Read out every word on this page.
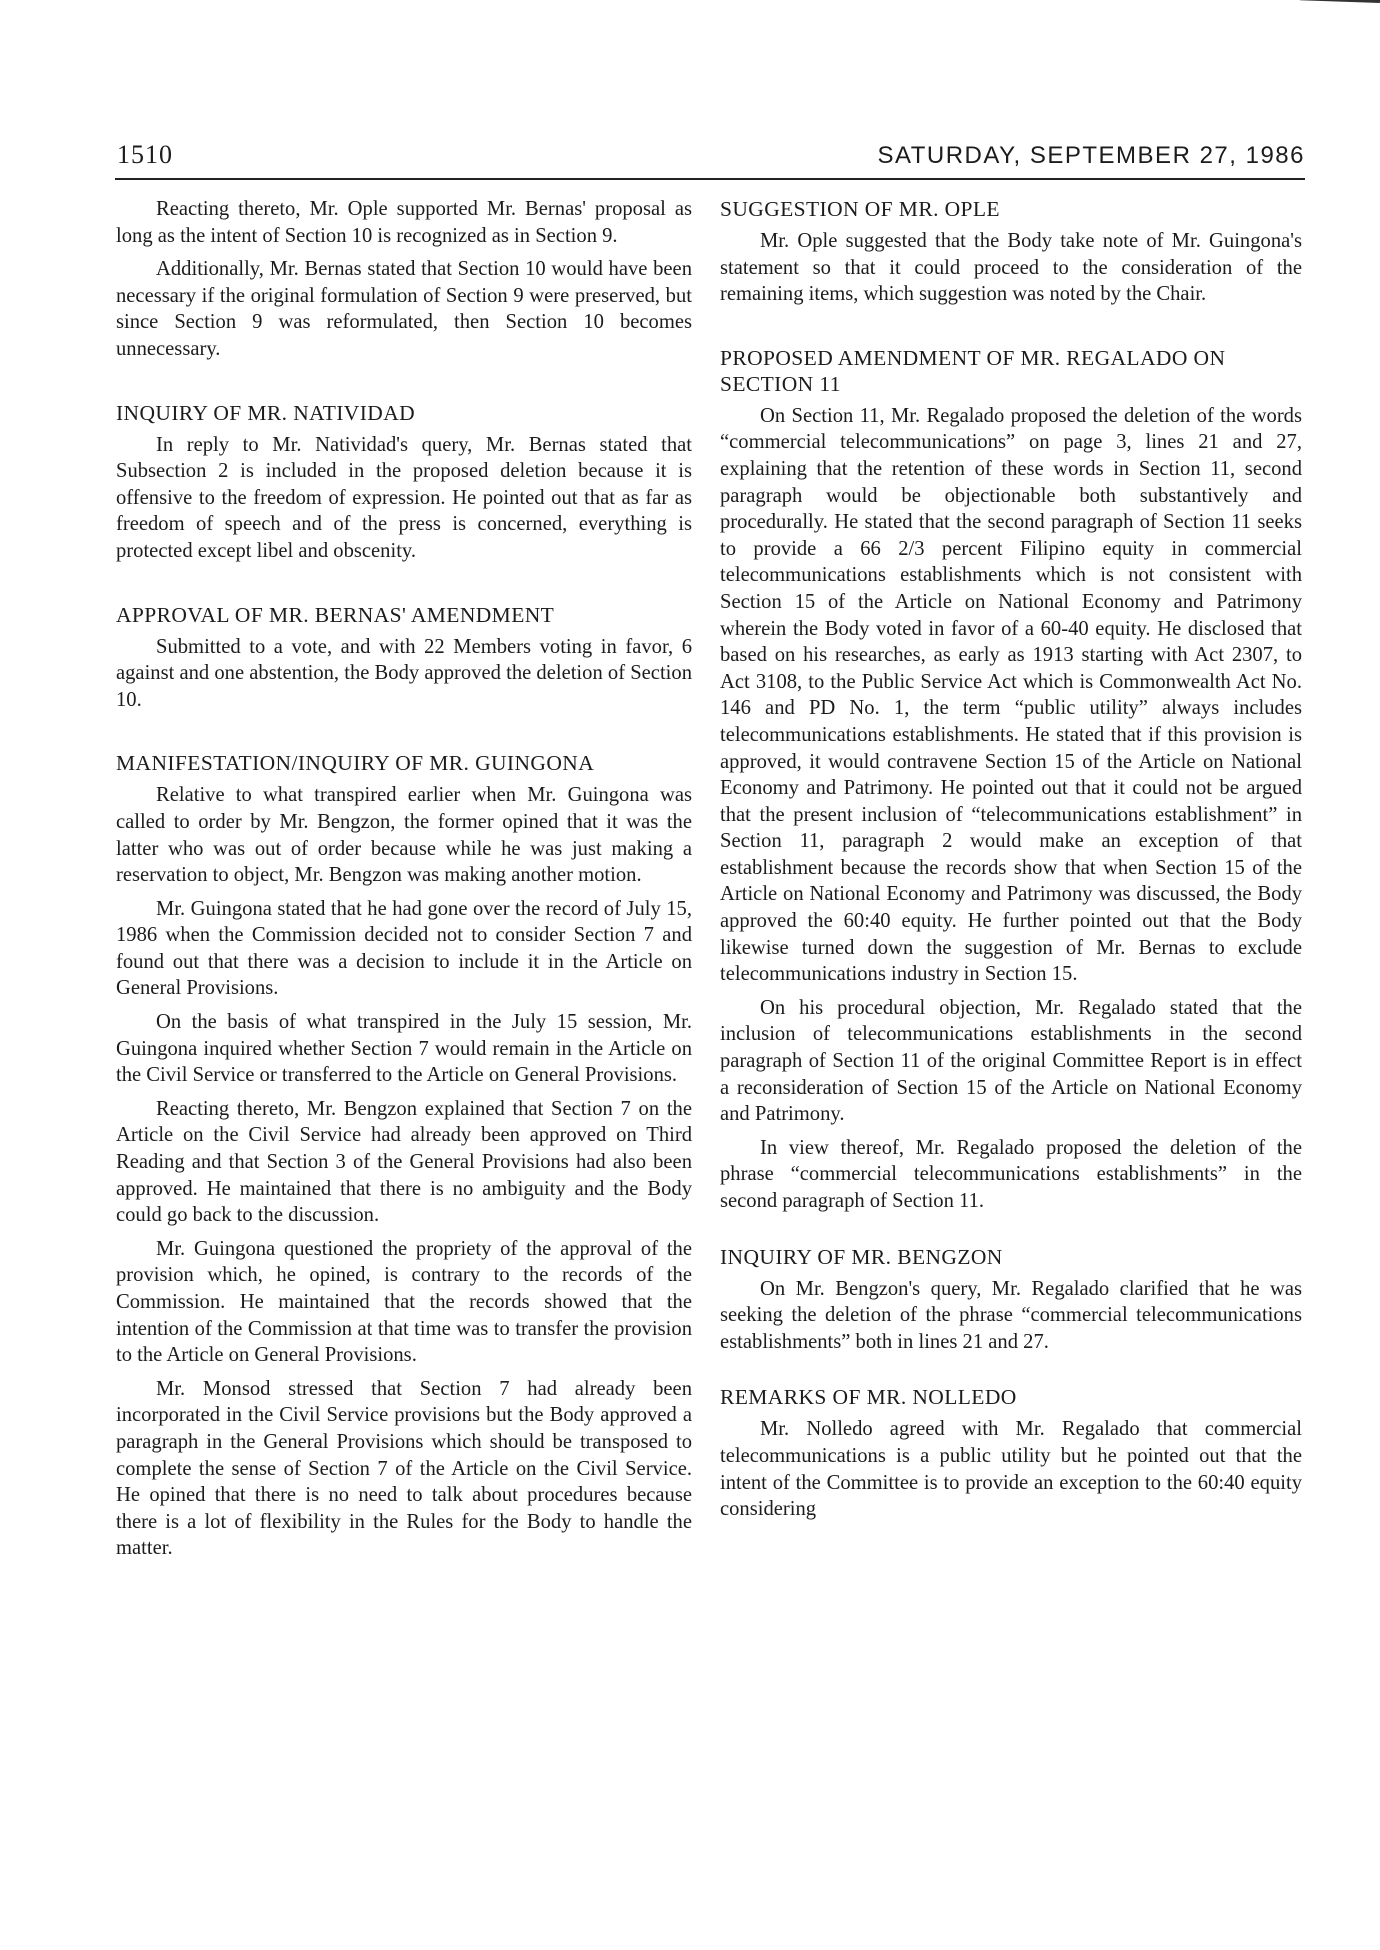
1510	SATURDAY, SEPTEMBER 27, 1986

Reacting thereto, Mr. Ople supported Mr. Bernas' proposal as long as the intent of Section 10 is recognized as in Section 9.

Additionally, Mr. Bernas stated that Section 10 would have been necessary if the original formulation of Section 9 were preserved, but since Section 9 was reformulated, then Section 10 becomes unnecessary.

INQUIRY OF MR. NATIVIDAD

In reply to Mr. Natividad's query, Mr. Bernas stated that Subsection 2 is included in the proposed deletion because it is offensive to the freedom of expression. He pointed out that as far as freedom of speech and of the press is concerned, everything is protected except libel and obscenity.

APPROVAL OF MR. BERNAS' AMENDMENT

Submitted to a vote, and with 22 Members voting in favor, 6 against and one abstention, the Body approved the deletion of Section 10.

MANIFESTATION/INQUIRY OF MR. GUINGONA

Relative to what transpired earlier when Mr. Guingona was called to order by Mr. Bengzon, the former opined that it was the latter who was out of order because while he was just making a reservation to object, Mr. Bengzon was making another motion.

Mr. Guingona stated that he had gone over the record of July 15, 1986 when the Commission decided not to consider Section 7 and found out that there was a decision to include it in the Article on General Provisions.

On the basis of what transpired in the July 15 session, Mr. Guingona inquired whether Section 7 would remain in the Article on the Civil Service or transferred to the Article on General Provisions.

Reacting thereto, Mr. Bengzon explained that Section 7 on the Article on the Civil Service had already been approved on Third Reading and that Section 3 of the General Provisions had also been approved. He maintained that there is no ambiguity and the Body could go back to the discussion.

Mr. Guingona questioned the propriety of the approval of the provision which, he opined, is contrary to the records of the Commission. He maintained that the records showed that the intention of the Commission at that time was to transfer the provision to the Article on General Provisions.

Mr. Monsod stressed that Section 7 had already been incorporated in the Civil Service provisions but the Body approved a paragraph in the General Provisions which should be transposed to complete the sense of Section 7 of the Article on the Civil Service. He opined that there is no need to talk about procedures because there is a lot of flexibility in the Rules for the Body to handle the matter.

SUGGESTION OF MR. OPLE

Mr. Ople suggested that the Body take note of Mr. Guingona's statement so that it could proceed to the consideration of the remaining items, which suggestion was noted by the Chair.

PROPOSED AMENDMENT OF MR. REGALADO ON SECTION 11

On Section 11, Mr. Regalado proposed the deletion of the words “commercial telecommunications” on page 3, lines 21 and 27, explaining that the retention of these words in Section 11, second paragraph would be objectionable both substantively and procedurally. He stated that the second paragraph of Section 11 seeks to provide a 66 2/3 percent Filipino equity in commercial telecommunications establishments which is not consistent with Section 15 of the Article on National Economy and Patrimony wherein the Body voted in favor of a 60-40 equity. He disclosed that based on his researches, as early as 1913 starting with Act 2307, to Act 3108, to the Public Service Act which is Commonwealth Act No. 146 and PD No. 1, the term “public utility” always includes telecommunications establishments. He stated that if this provision is approved, it would contravene Section 15 of the Article on National Economy and Patrimony. He pointed out that it could not be argued that the present inclusion of “telecommunications establishment” in Section 11, paragraph 2 would make an exception of that establishment because the records show that when Section 15 of the Article on National Economy and Patrimony was discussed, the Body approved the 60:40 equity. He further pointed out that the Body likewise turned down the suggestion of Mr. Bernas to exclude telecommunications industry in Section 15.

On his procedural objection, Mr. Regalado stated that the inclusion of telecommunications establishments in the second paragraph of Section 11 of the original Committee Report is in effect a reconsideration of Section 15 of the Article on National Economy and Patrimony.

In view thereof, Mr. Regalado proposed the deletion of the phrase “commercial telecommunications establishments” in the second paragraph of Section 11.

INQUIRY OF MR. BENGZON

On Mr. Bengzon's query, Mr. Regalado clarified that he was seeking the deletion of the phrase “commercial telecommunications establishments” both in lines 21 and 27.

REMARKS OF MR. NOLLEDO

Mr. Nolledo agreed with Mr. Regalado that commercial telecommunications is a public utility but he pointed out that the intent of the Committee is to provide an exception to the 60:40 equity considering
